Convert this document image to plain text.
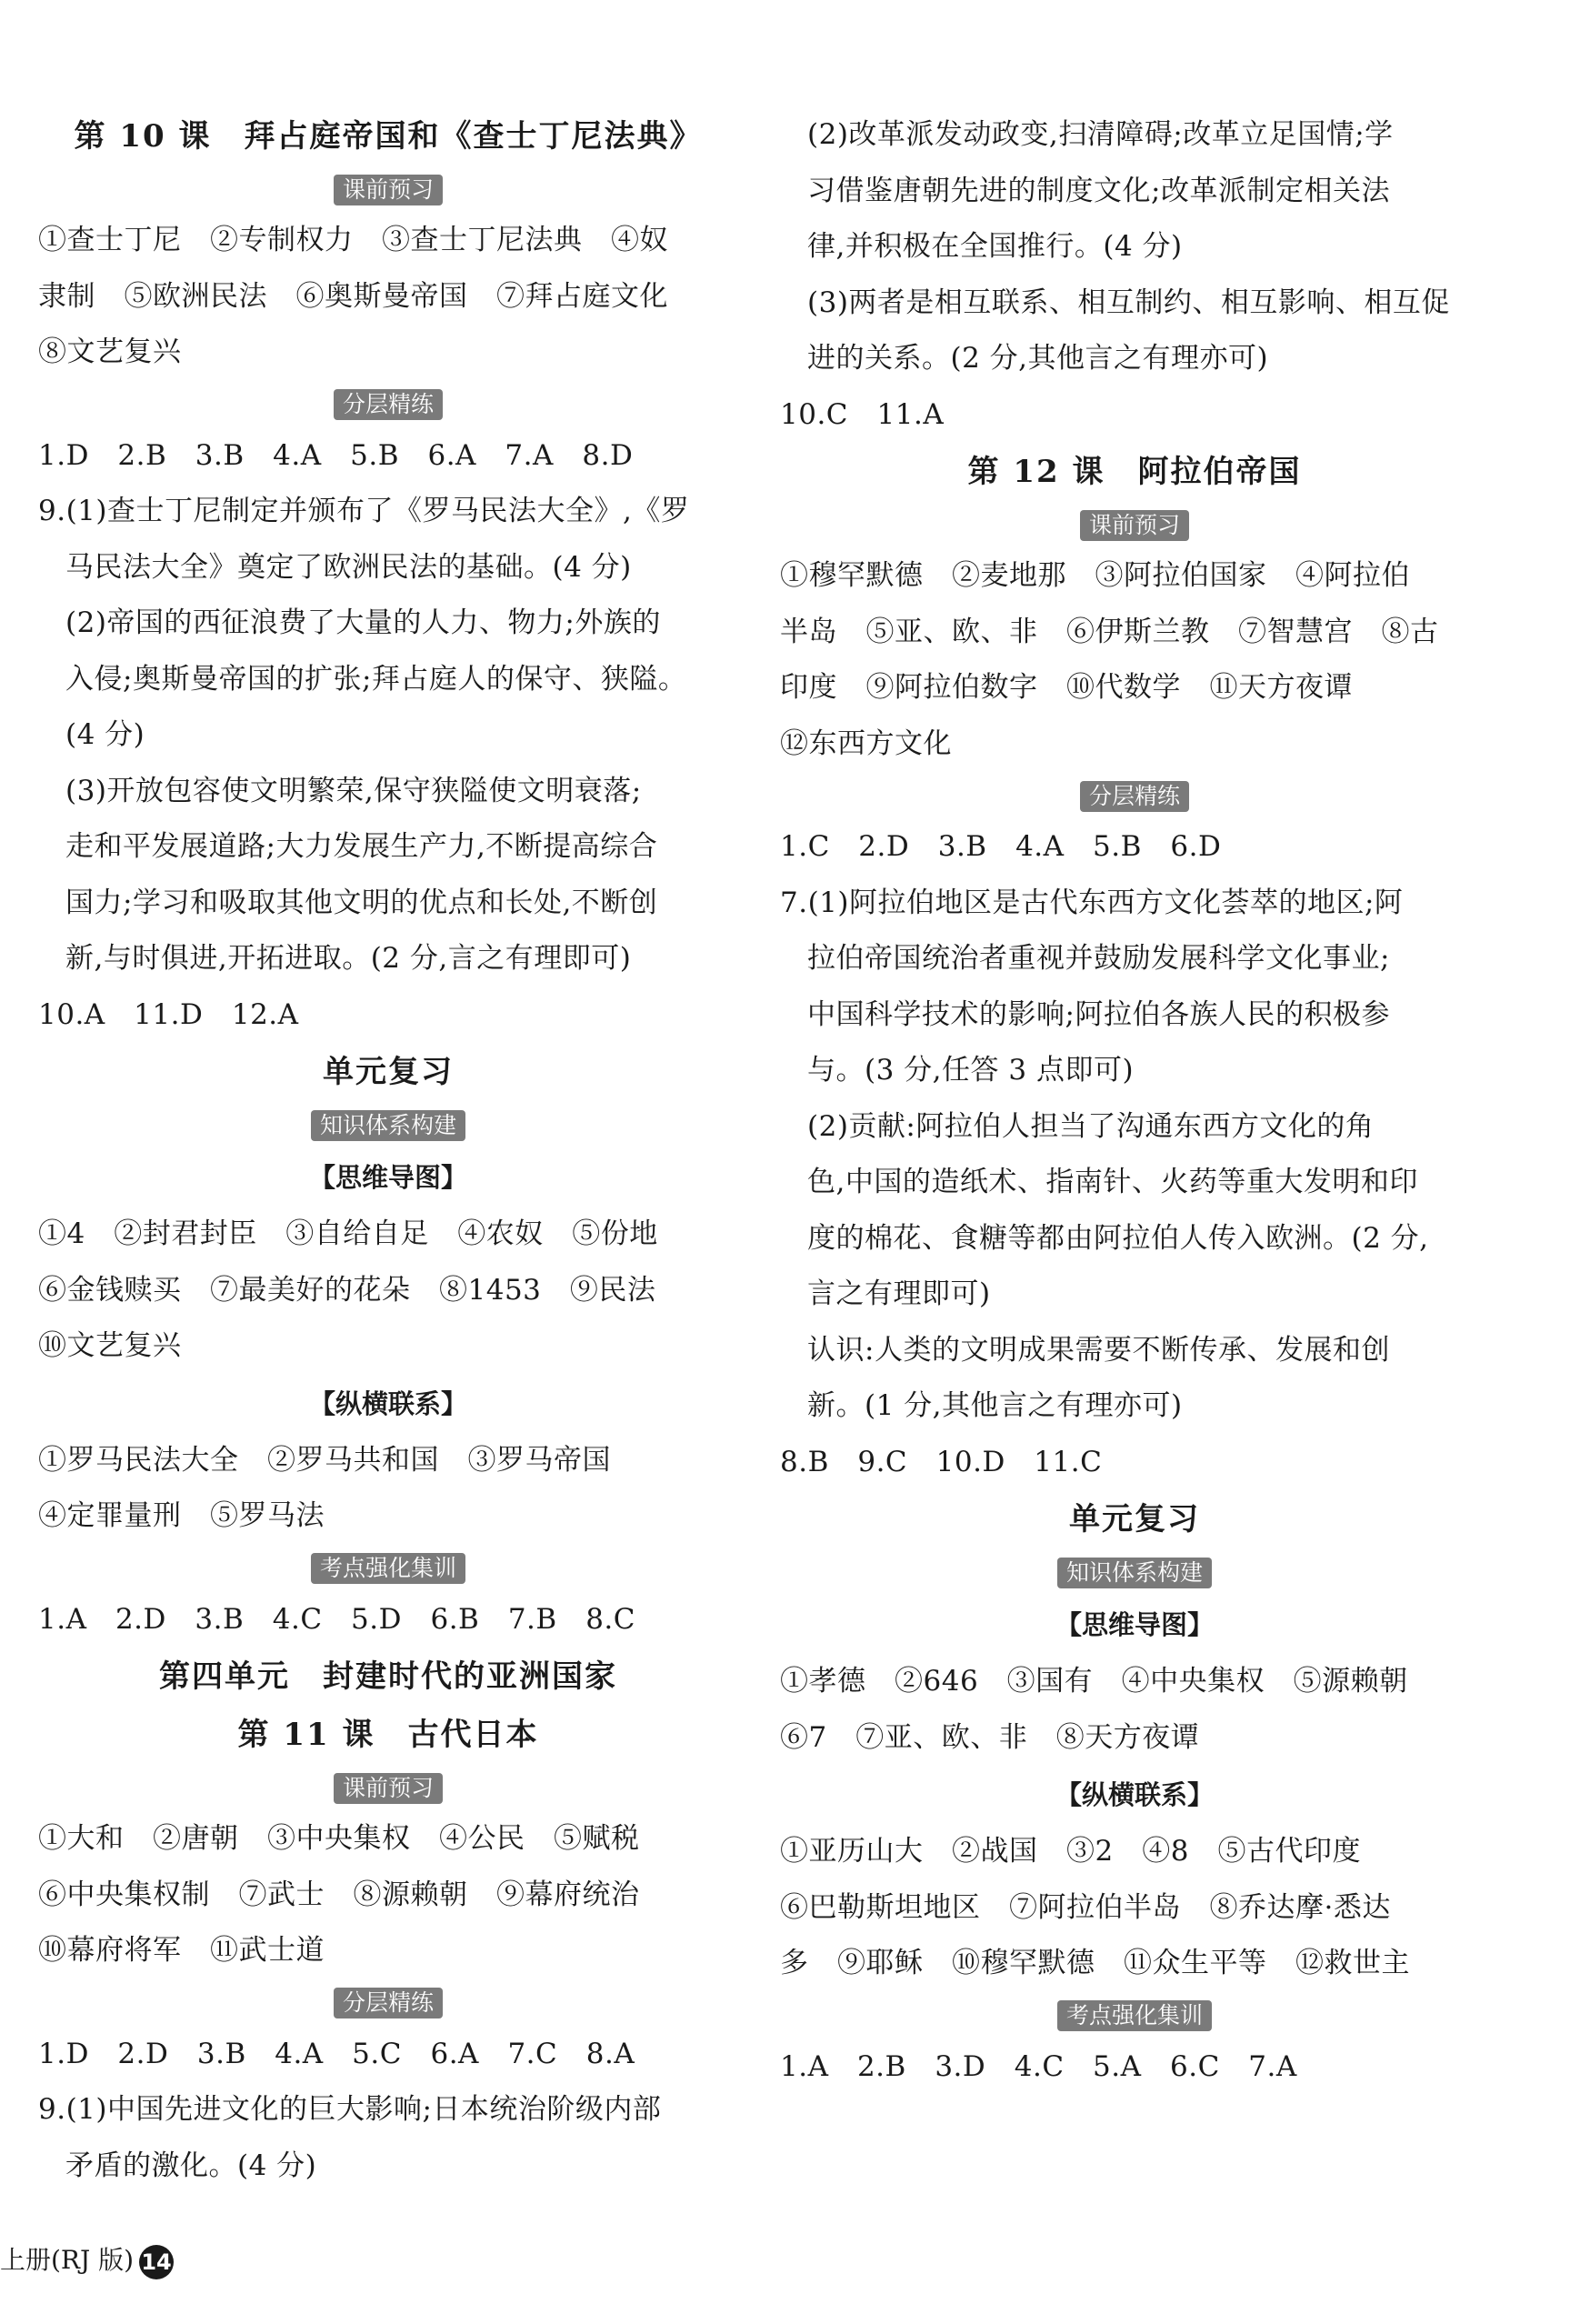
第 10 课　拜占庭帝国和《查士丁尼法典》
课前预习
①查士丁尼　②专制权力　③查士丁尼法典　④奴
隶制　⑤欧洲民法　⑥奥斯曼帝国　⑦拜占庭文化
⑧文艺复兴
分层精练
1.D　2.B　3.B　4.A　5.B　6.A　7.A　8.D
9.(1)查士丁尼制定并颁布了《罗马民法大全》,《罗
马民法大全》奠定了欧洲民法的基础。(4 分)
(2)帝国的西征浪费了大量的人力、物力;外族的
入侵;奥斯曼帝国的扩张;拜占庭人的保守、狭隘。
(4 分)
(3)开放包容使文明繁荣,保守狭隘使文明衰落;
走和平发展道路;大力发展生产力,不断提高综合
国力;学习和吸取其他文明的优点和长处,不断创
新,与时俱进,开拓进取。(2 分,言之有理即可)
10.A　11.D　12.A
单元复习
知识体系构建
【思维导图】
①4　②封君封臣　③自给自足　④农奴　⑤份地
⑥金钱赎买　⑦最美好的花朵　⑧1453　⑨民法
⑩文艺复兴
【纵横联系】
①罗马民法大全　②罗马共和国　③罗马帝国
④定罪量刑　⑤罗马法
考点强化集训
1.A　2.D　3.B　4.C　5.D　6.B　7.B　8.C
第四单元　封建时代的亚洲国家
第 11 课　古代日本
课前预习
①大和　②唐朝　③中央集权　④公民　⑤赋税
⑥中央集权制　⑦武士　⑧源赖朝　⑨幕府统治
⑩幕府将军　⑪武士道
分层精练
1.D　2.D　3.B　4.A　5.C　6.A　7.C　8.A
9.(1)中国先进文化的巨大影响;日本统治阶级内部
矛盾的激化。(4 分)
(2)改革派发动政变,扫清障碍;改革立足国情;学
习借鉴唐朝先进的制度文化;改革派制定相关法
律,并积极在全国推行。(4 分)
(3)两者是相互联系、相互制约、相互影响、相互促
进的关系。(2 分,其他言之有理亦可)
10.C　11.A
第 12 课　阿拉伯帝国
课前预习
①穆罕默德　②麦地那　③阿拉伯国家　④阿拉伯
半岛　⑤亚、欧、非　⑥伊斯兰教　⑦智慧宫　⑧古
印度　⑨阿拉伯数字　⑩代数学　⑪天方夜谭
⑫东西方文化
分层精练
1.C　2.D　3.B　4.A　5.B　6.D
7.(1)阿拉伯地区是古代东西方文化荟萃的地区;阿
拉伯帝国统治者重视并鼓励发展科学文化事业;
中国科学技术的影响;阿拉伯各族人民的积极参
与。(3 分,任答 3 点即可)
(2)贡献:阿拉伯人担当了沟通东西方文化的角
色,中国的造纸术、指南针、火药等重大发明和印
度的棉花、食糖等都由阿拉伯人传入欧洲。(2 分,
言之有理即可)
认识:人类的文明成果需要不断传承、发展和创
新。(1 分,其他言之有理亦可)
8.B　9.C　10.D　11.C
单元复习
知识体系构建
【思维导图】
①孝德　②646　③国有　④中央集权　⑤源赖朝
⑥7　⑦亚、欧、非　⑧天方夜谭
【纵横联系】
①亚历山大　②战国　③2　④8　⑤古代印度
⑥巴勒斯坦地区　⑦阿拉伯半岛　⑧乔达摩·悉达
多　⑨耶稣　⑩穆罕默德　⑪众生平等　⑫救世主
考点强化集训
1.A　2.B　3.D　4.C　5.A　6.C　7.A
上册(RJ 版) 14
